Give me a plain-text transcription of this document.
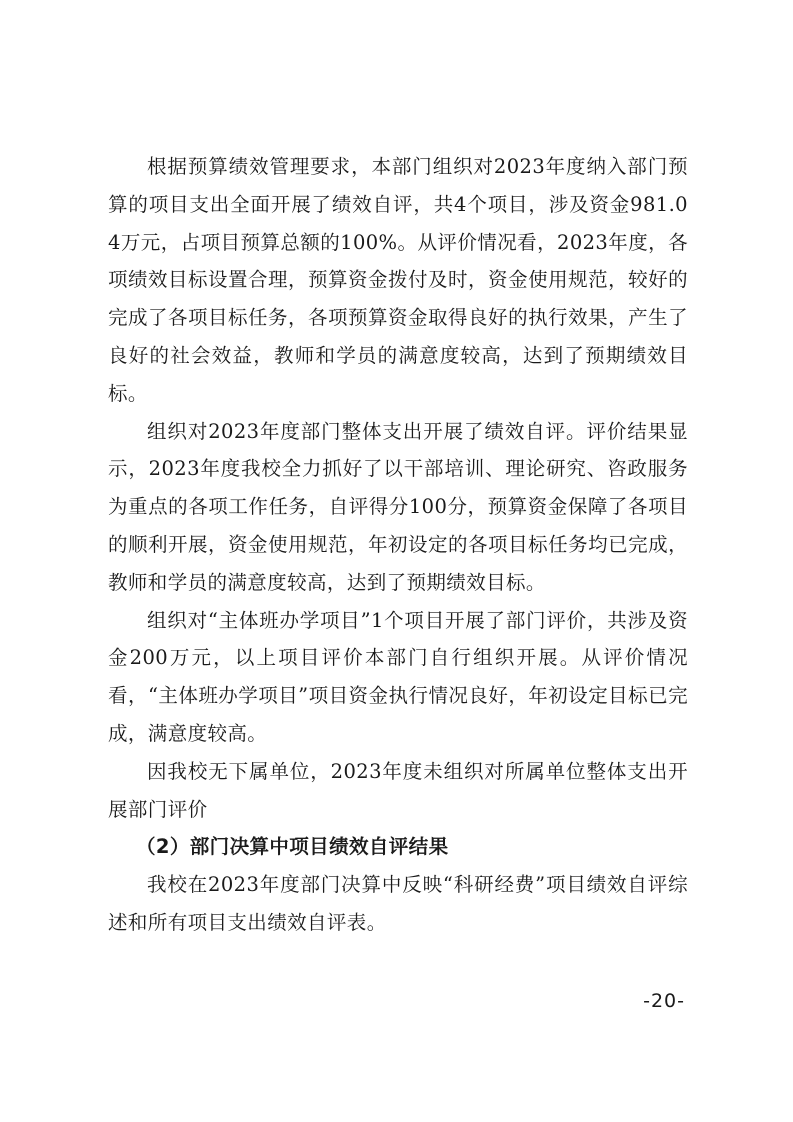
根据预算绩效管理要求，本部门组织对2023年度纳入部门预算的项目支出全面开展了绩效自评，共4个项目，涉及资金981.04万元，占项目预算总额的100%。从评价情况看，2023年度，各项绩效目标设置合理，预算资金拨付及时，资金使用规范，较好的完成了各项目标任务，各项预算资金取得良好的执行效果，产生了良好的社会效益，教师和学员的满意度较高，达到了预期绩效目标。

组织对2023年度部门整体支出开展了绩效自评。评价结果显示，2023年度我校全力抓好了以干部培训、理论研究、咨政服务为重点的各项工作任务，自评得分100分，预算资金保障了各项目的顺利开展，资金使用规范，年初设定的各项目标任务均已完成，教师和学员的满意度较高，达到了预期绩效目标。

组织对“主体班办学项目”1个项目开展了部门评价，共涉及资金200万元，以上项目评价本部门自行组织开展。从评价情况看，“主体班办学项目”项目资金执行情况良好，年初设定目标已完成，满意度较高。

因我校无下属单位，2023年度未组织对所属单位整体支出开展部门评价

（2）部门决算中项目绩效自评结果

我校在2023年度部门决算中反映“科研经费”项目绩效自评综述和所有项目支出绩效自评表。

-20-
